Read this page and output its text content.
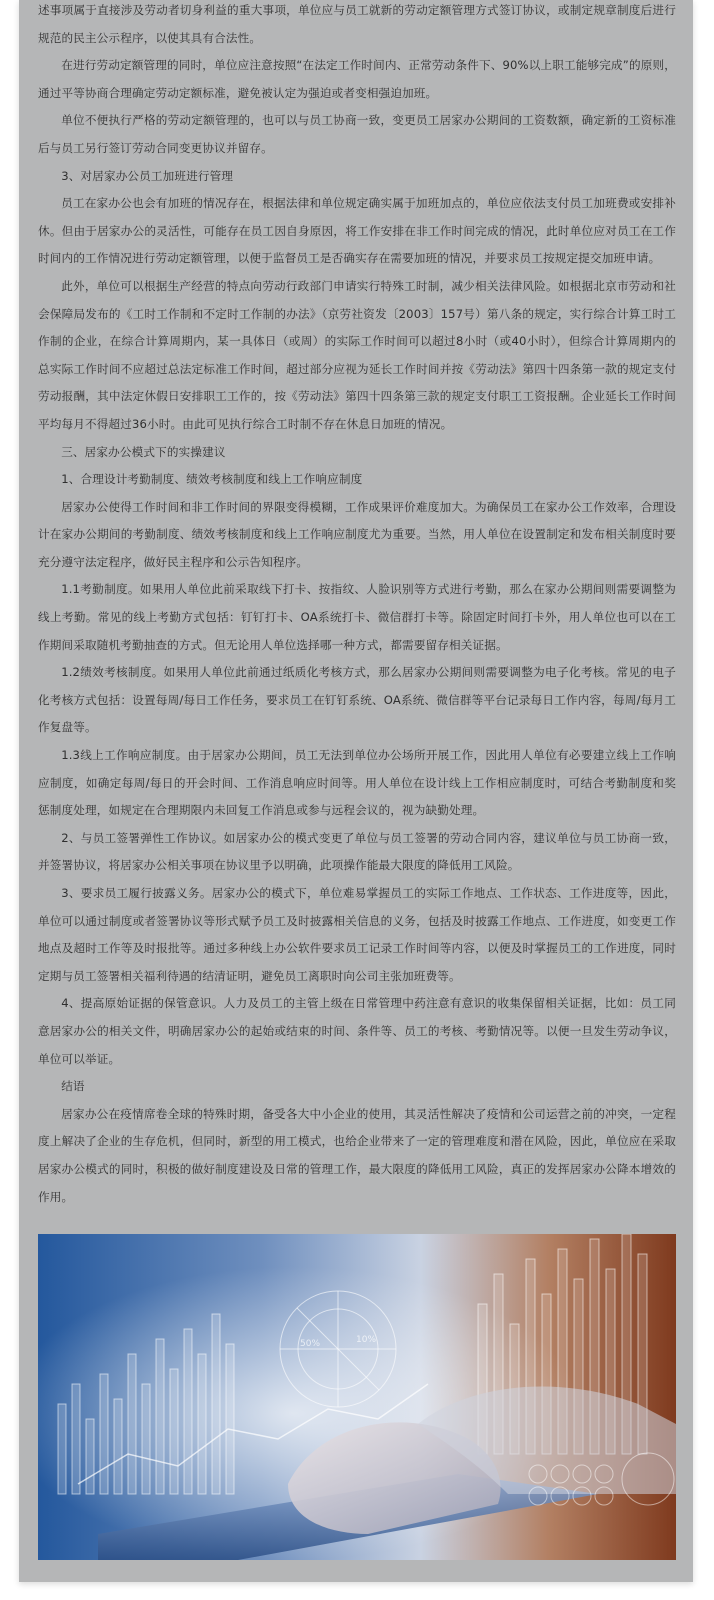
述事项属于直接涉及劳动者切身利益的重大事项，单位应与员工就新的劳动定额管理方式签订协议，或制定规章制度后进行规范的民主公示程序，以使其具有合法性。

在进行劳动定额管理的同时，单位应注意按照“在法定工作时间内、正常劳动条件下、90%以上职工能够完成”的原则，通过平等协商合理确定劳动定额标准，避免被认定为强迫或者变相强迫加班。

单位不便执行严格的劳动定额管理的，也可以与员工协商一致，变更员工居家办公期间的工资数额，确定新的工资标准后与员工另行签订劳动合同变更协议并留存。

3、对居家办公员工加班进行管理

员工在家办公也会有加班的情况存在，根据法律和单位规定确实属于加班加点的，单位应依法支付员工加班费或安排补休。但由于居家办公的灵活性，可能存在员工因自身原因，将工作安排在非工作时间完成的情况，此时单位应对员工在工作时间内的工作情况进行劳动定额管理，以便于监督员工是否确实存在需要加班的情况，并要求员工按规定提交加班申请。

此外，单位可以根据生产经营的特点向劳动行政部门申请实行特殊工时制，减少相关法律风险。如根据北京市劳动和社会保障局发布的《工时工作制和不定时工作制的办法》（京劳社资发〔2003〕157号）第八条的规定，实行综合计算工时工作制的企业，在综合计算周期内，某一具体日（或周）的实际工作时间可以超过8小时（或40小时），但综合计算周期内的总实际工作时间不应超过总法定标准工作时间，超过部分应视为延长工作时间并按《劳动法》第四十四条第一款的规定支付劳动报酬，其中法定休假日安排职工工作的，按《劳动法》第四十四条第三款的规定支付职工工资报酬。企业延长工作时间平均每月不得超过36小时。由此可见执行综合工时制不存在休息日加班的情况。

三、居家办公模式下的实操建议

1、合理设计考勤制度、绩效考核制度和线上工作响应制度

居家办公使得工作时间和非工作时间的界限变得模糊，工作成果评价难度加大。为确保员工在家办公工作效率，合理设计在家办公期间的考勤制度、绩效考核制度和线上工作响应制度尤为重要。当然，用人单位在设置制定和发布相关制度时要充分遵守法定程序，做好民主程序和公示告知程序。

1.1考勤制度。如果用人单位此前采取线下打卡、按指纹、人脸识别等方式进行考勤，那么在家办公期间则需要调整为线上考勤。常见的线上考勤方式包括：钉钉打卡、OA系统打卡、微信群打卡等。除固定时间打卡外，用人单位也可以在工作期间采取随机考勤抽查的方式。但无论用人单位选择哪一种方式，都需要留存相关证据。

1.2绩效考核制度。如果用人单位此前通过纸质化考核方式，那么居家办公期间则需要调整为电子化考核。常见的电子化考核方式包括：设置每周/每日工作任务，要求员工在钉钉系统、OA系统、微信群等平台记录每日工作内容，每周/每月工作复盘等。

1.3线上工作响应制度。由于居家办公期间，员工无法到单位办公场所开展工作，因此用人单位有必要建立线上工作响应制度，如确定每周/每日的开会时间、工作消息响应时间等。用人单位在设计线上工作相应制度时，可结合考勤制度和奖惩制度处理，如规定在合理期限内未回复工作消息或参与远程会议的，视为缺勤处理。

2、与员工签署弹性工作协议。如居家办公的模式变更了单位与员工签署的劳动合同内容，建议单位与员工协商一致，并签署协议，将居家办公相关事项在协议里予以明确，此项操作能最大限度的降低用工风险。

3、要求员工履行披露义务。居家办公的模式下，单位难易掌握员工的实际工作地点、工作状态、工作进度等，因此，单位可以通过制度或者签署协议等形式赋予员工及时披露相关信息的义务，包括及时披露工作地点、工作进度，如变更工作地点及超时工作等及时报批等。通过多种线上办公软件要求员工记录工作时间等内容，以便及时掌握员工的工作进度，同时定期与员工签署相关福利待遇的结清证明，避免员工离职时向公司主张加班费等。

4、提高原始证据的保管意识。人力及员工的主管上级在日常管理中药注意有意识的收集保留相关证据，比如：员工同意居家办公的相关文件，明确居家办公的起始或结束的时间、条件等、员工的考核、考勤情况等。以便一旦发生劳动争议，单位可以举证。

结语

居家办公在疫情席卷全球的特殊时期，备受各大中小企业的使用，其灵活性解决了疫情和公司运营之前的冲突，一定程度上解决了企业的生存危机，但同时，新型的用工模式，也给企业带来了一定的管理难度和潜在风险，因此，单位应在采取居家办公模式的同时，积极的做好制度建设及日常的管理工作，最大限度的降低用工风险，真正的发挥居家办公降本增效的作用。

50%	10%
